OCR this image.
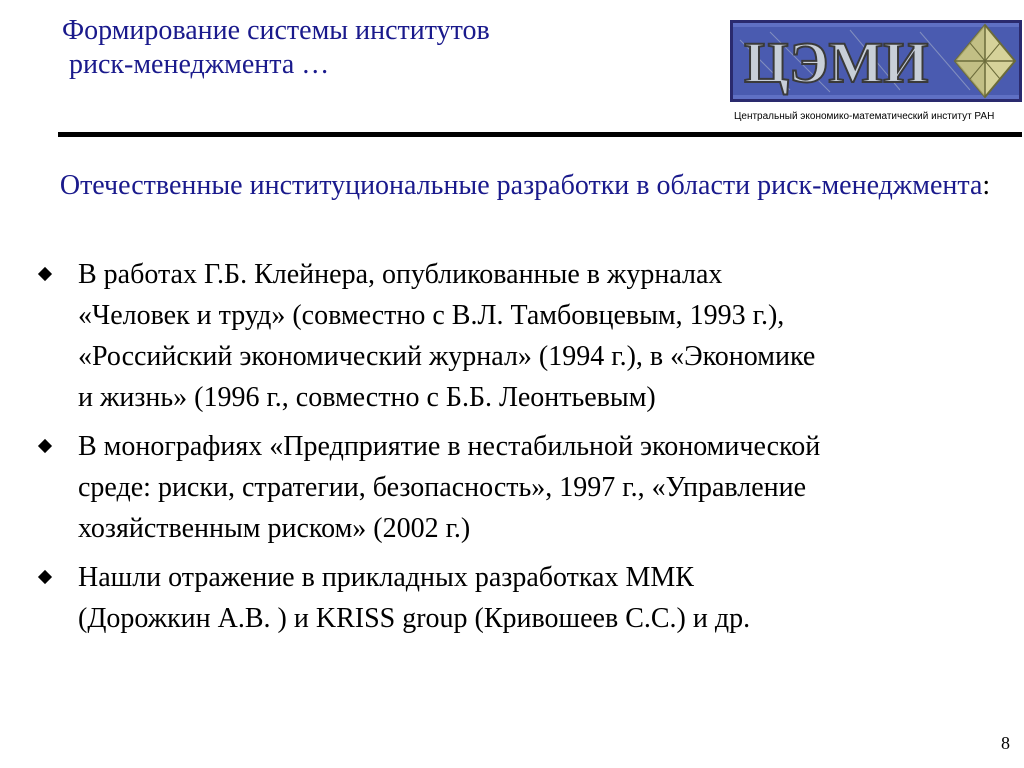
Формирование системы институтов
риск-менеджмента …	ЦЭМИ
Центральный экономико-математический институт РАН
Отечественные институциональные разработки в области риск-менеджмента:
В работах Г.Б. Клейнера, опубликованные в журналах
«Человек и труд» (совместно с В.Л. Тамбовцевым, 1993 г.),
«Российский экономический журнал» (1994 г.), в «Экономике
и жизнь» (1996 г., совместно с Б.Б. Леонтьевым)
В монографиях «Предприятие в нестабильной экономической
среде: риски, стратегии, безопасность», 1997 г., «Управление
хозяйственным риском» (2002 г.)
Нашли отражение в прикладных разработках ММК
(Дорожкин А.В. ) и KRISS group (Кривошеев С.С.) и др.
8
